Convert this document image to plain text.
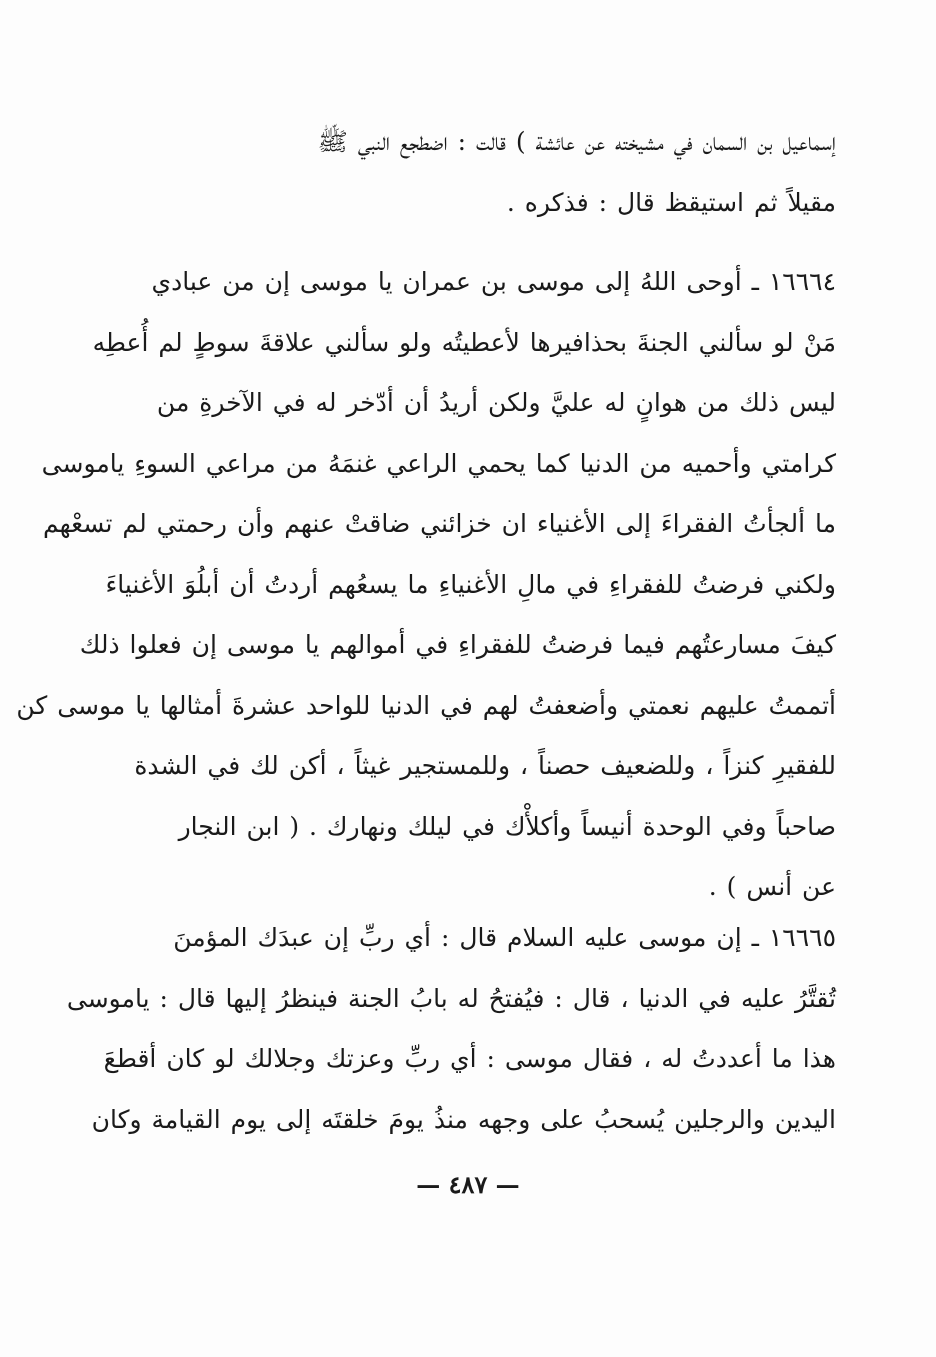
إسماعيل بن السمان في مشيخته عن عائشة ) قالت : اضطجع النبي ﷺ
مقيلاً ثم استيقظ قال : فذكره .
١٦٦٦٤ ـ أوحى اللهُ إلى موسى بن عمران يا موسى إن من عبادي
مَنْ لو سألني الجنةَ بحذافيرها لأعطيتُه ولو سألني علاقةَ سوطٍ لم أُعطِه
ليس ذلك من هوانٍ له عليَّ ولكن أريدُ أن أدّخر له في الآخرةِ من
كرامتي وأحميه من الدنيا كما يحمي الراعي غنمَهُ من مراعي السوءِ ياموسى
ما ألجأتُ الفقراءَ إلى الأغنياء ان خزائني ضاقتْ عنهم وأن رحمتي لم تسعْهم
ولكني فرضتُ للفقراءِ في مالِ الأغنياءِ ما يسعُهم أردتُ أن أبلُوَ الأغنياءَ
كيفَ مسارعتُهم فيما فرضتُ للفقراءِ في أموالهم يا موسى إن فعلوا ذلك
أتممتُ عليهم نعمتي وأضعفتُ لهم في الدنيا للواحد عشرةَ أمثالها يا موسى كن
للفقيرِ كنزاً ، وللضعيف حصناً ، وللمستجير غيثاً ، أكن لك في الشدة
صاحباً وفي الوحدة أنيساً وأكلأْك في ليلك ونهارك . ( ابن النجار
عن أنس ) .
١٦٦٦٥ ـ إن موسى عليه السلام قال : أي ربِّ إن عبدَك المؤمنَ
تُقتَّرُ عليه في الدنيا ، قال : فيُفتحُ له بابُ الجنة فينظرُ إليها قال : ياموسى
هذا ما أعددتُ له ، فقال موسى : أي ربِّ وعزتك وجلالك لو كان أقطعَ
اليدين والرجلين يُسحبُ على وجهه منذُ يومَ خلقتَه إلى يوم القيامة وكان
— ٤٨٧ —
